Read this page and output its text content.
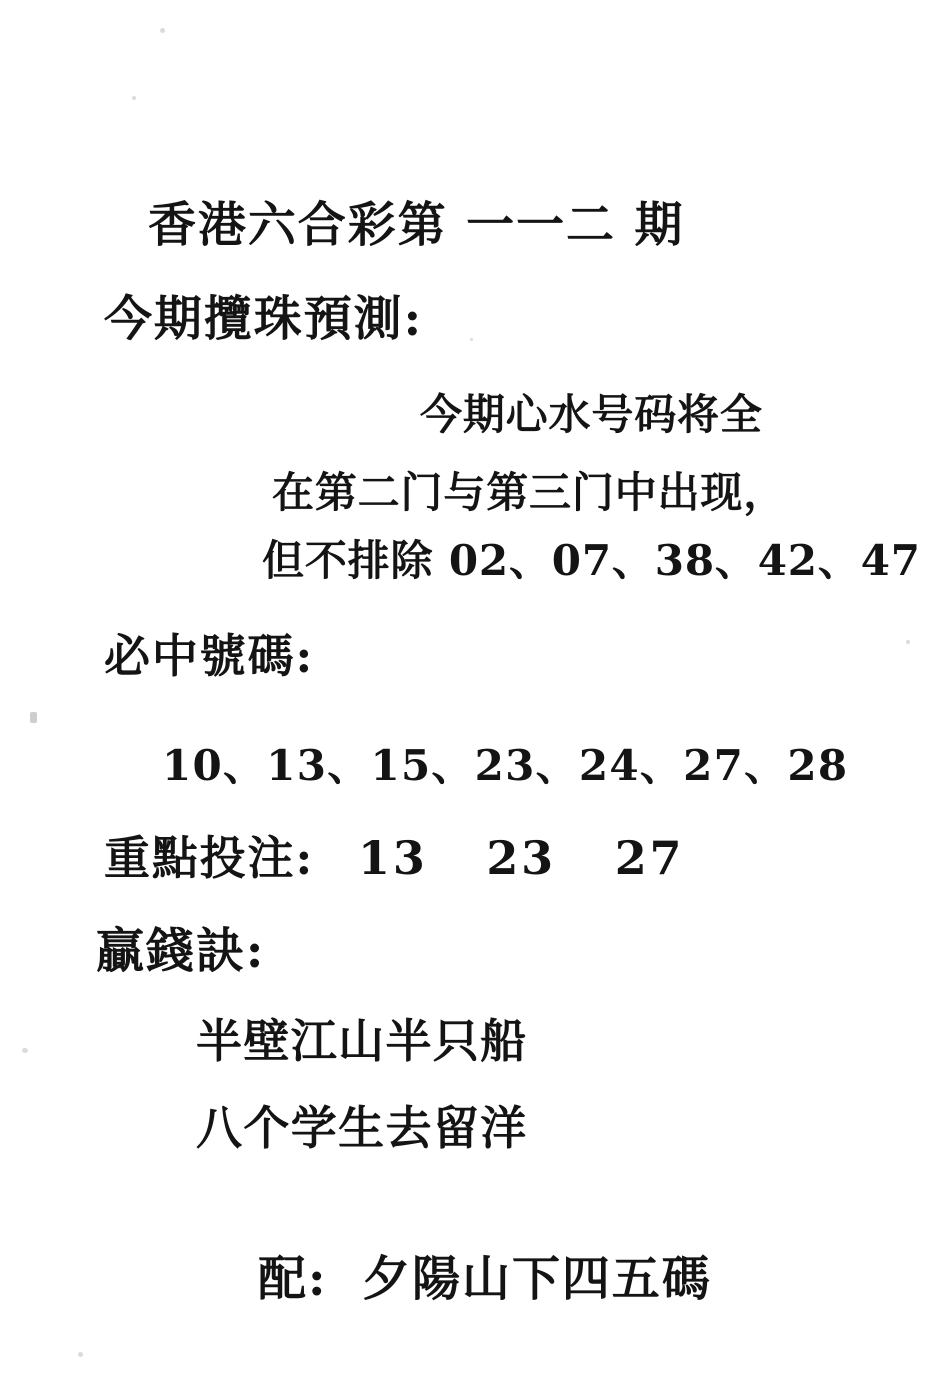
香港六合彩第 一一二 期
今期攬珠預測:
今期心水号码将全
在第二门与第三门中出现，
但不排除 02、07、38、42、47
必中號碼:
10、13、15、23、24、27、28
重點投注: 13 23 27
贏錢訣:
半壁江山半只船
八个学生去留洋
配: 夕陽山下四五碼
